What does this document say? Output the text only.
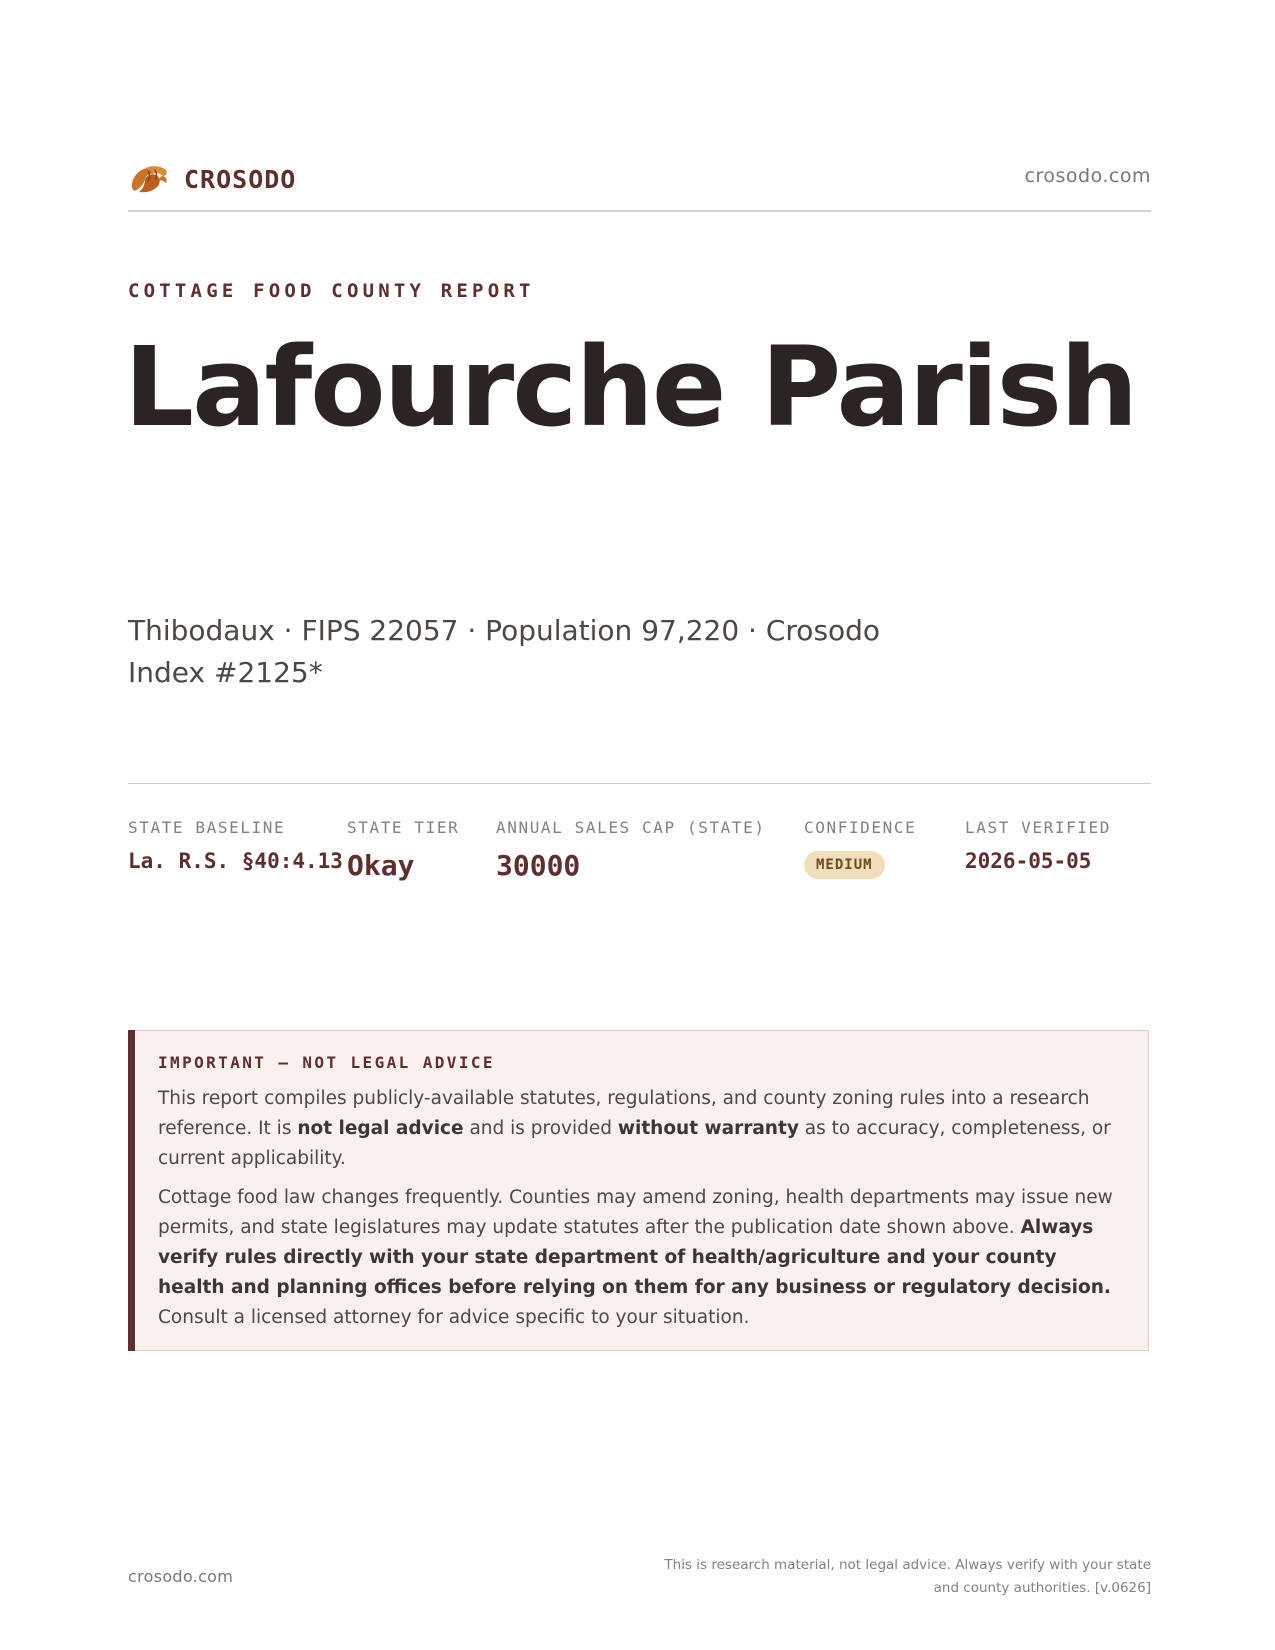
CROSODO	crosodo.com
COTTAGE FOOD COUNTY REPORT
Lafourche Parish
Thibodaux · FIPS 22057 · Population 97,220 · Crosodo Index #2125*
STATE BASELINE
La. R.S. §40:4.13
STATE TIER
Okay
ANNUAL SALES CAP (STATE)
30000
CONFIDENCE
MEDIUM
LAST VERIFIED
2026-05-05
IMPORTANT — NOT LEGAL ADVICE

This report compiles publicly-available statutes, regulations, and county zoning rules into a research reference. It is not legal advice and is provided without warranty as to accuracy, completeness, or current applicability.

Cottage food law changes frequently. Counties may amend zoning, health departments may issue new permits, and state legislatures may update statutes after the publication date shown above. Always verify rules directly with your state department of health/agriculture and your county health and planning offices before relying on them for any business or regulatory decision. Consult a licensed attorney for advice specific to your situation.

crosodo.com
This is research material, not legal advice. Always verify with your state
and county authorities. [v.0626]
